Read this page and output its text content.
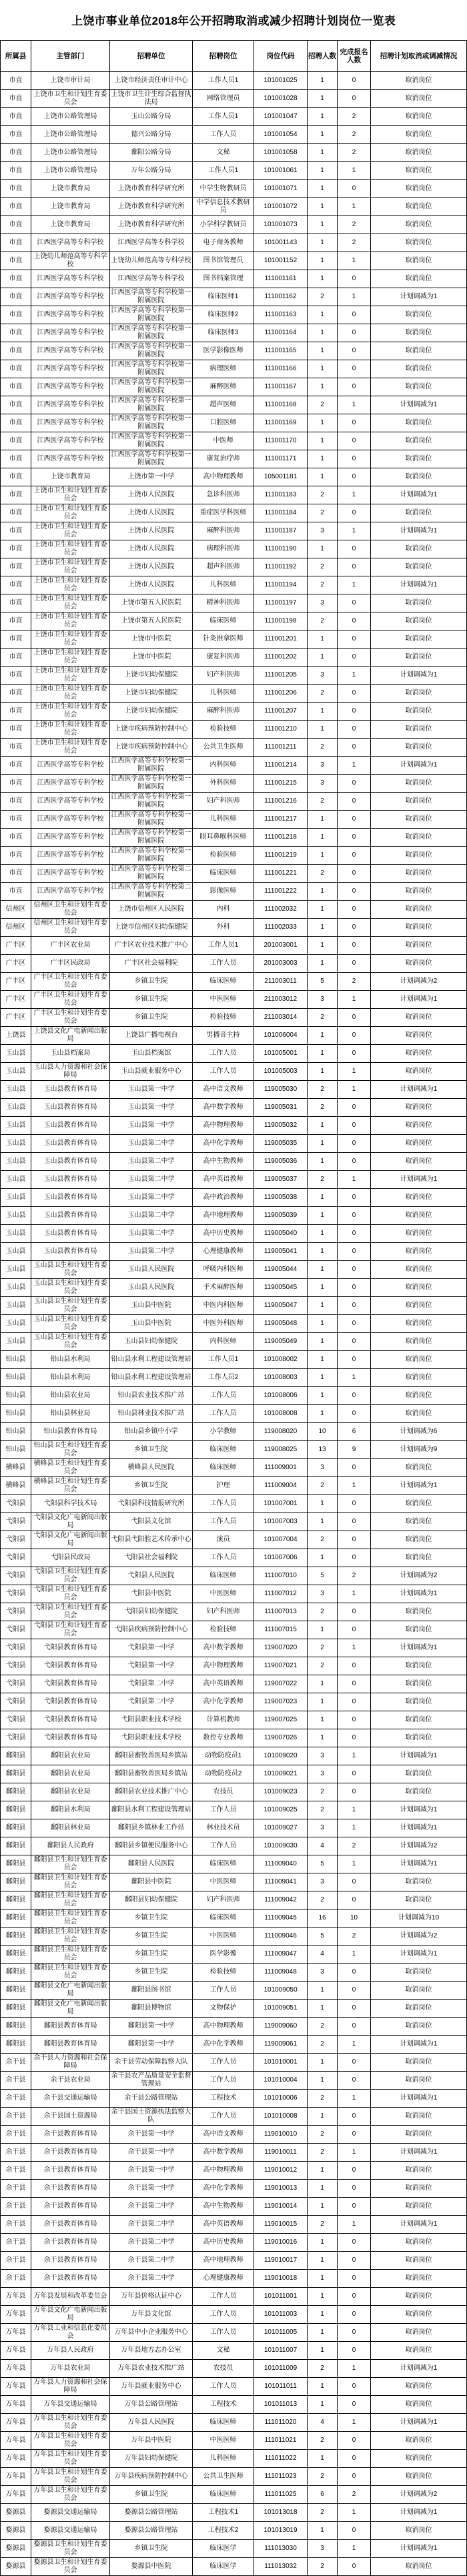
上饶市事业单位2018年公开招聘取消或减少招聘计划岗位一览表
所属县	主管部门	招聘单位	招聘岗位	岗位代码	招聘人数	完成报名人数	招聘计划取消或调减情况

市直	上饶市审计局	上饶市经济责任审计中心	工作人员1	101001025	1	0	取消岗位

市直	上饶市卫生和计划生育委员会	上饶市卫生计生综合监督执法局	网络管理员	101001028	1	0	取消岗位

市直	上饶市公路管理局	玉山公路分局	工作人员1	101001047	1	2	取消岗位

市直	上饶市公路管理局	德兴公路分局	工作人员	101001054	1	2	取消岗位

市直	上饶市公路管理局	鄱阳公路分局	文秘	101001058	1	2	取消岗位

市直	上饶市公路管理局	万年公路分局	工作人员1	101001061	1	1	取消岗位

市直	上饶市教育局	上饶市教育科学研究所	中学生物教研员	101001071	1	0	取消岗位

市直	上饶市教育局	上饶市教育科学研究所	中学信息技术教研员	101001072	1	1	取消岗位

市直	上饶市教育局	上饶市教育科学研究所	小学科学教研员	101001073	1	2	取消岗位

市直	江西医学高等专科学校	江西医学高等专科学校	电子商务教师	101001143	1	2	取消岗位

市直	上饶幼儿师范高等专科学校	上饶幼儿师范高等专科学校	图书馆管理员	101001152	1	1	取消岗位

市直	江西医学高等专科学校	江西医学高等专科学校	图书档案管理	111001161	1	0	取消岗位

市直	江西医学高等专科学校	江西医学高等专科学校第一附属医院	临床医师1	111001162	2	1	计划调减为1

市直	江西医学高等专科学校	江西医学高等专科学校第一附属医院	临床医师2	111001163	1	0	取消岗位

市直	江西医学高等专科学校	江西医学高等专科学校第一附属医院	临床医师3	111001164	1	0	取消岗位

市直	江西医学高等专科学校	江西医学高等专科学校第一附属医院	医学影像医师	111001165	1	0	取消岗位

市直	江西医学高等专科学校	江西医学高等专科学校第一附属医院	病理医师	111001166	1	0	取消岗位

市直	江西医学高等专科学校	江西医学高等专科学校第一附属医院	麻醉医师	111001167	1	0	取消岗位

市直	江西医学高等专科学校	江西医学高等专科学校第一附属医院	超声医师	111001168	2	1	计划调减为1

市直	江西医学高等专科学校	江西医学高等专科学校第一附属医院	口腔医师	111001169	1	0	取消岗位

市直	江西医学高等专科学校	江西医学高等专科学校第一附属医院	中医师	111001170	1	0	取消岗位

市直	江西医学高等专科学校	江西医学高等专科学校第一附属医院	康复治疗师	111001171	1	0	取消岗位

市直	上饶市教育局	上饶市第一中学	高中物理教师	105001181	1	0	取消岗位

市直	上饶市卫生和计划生育委员会	上饶市人民医院	急诊科医师	111001183	2	1	计划调减为1

市直	上饶市卫生和计划生育委员会	上饶市人民医院	重症医学科医师	111001184	2	0	取消岗位

市直	上饶市卫生和计划生育委员会	上饶市人民医院	麻醉科医师	111001187	3	1	计划调减为1

市直	上饶市卫生和计划生育委员会	上饶市人民医院	病理科医师	111001190	1	0	取消岗位

市直	上饶市卫生和计划生育委员会	上饶市人民医院	超声科医师	111001192	2	0	取消岗位

市直	上饶市卫生和计划生育委员会	上饶市人民医院	儿科医师	111001194	2	1	计划调减为1

市直	上饶市卫生和计划生育委员会	上饶市第五人民医院	精神科医师	111001197	3	0	取消岗位

市直	上饶市卫生和计划生育委员会	上饶市第五人民医院	临床医师	111001198	2	0	取消岗位

市直	上饶市卫生和计划生育委员会	上饶市中医院	针灸推拿医师	111001201	1	0	取消岗位

市直	上饶市卫生和计划生育委员会	上饶市中医院	康复科医师	111001202	1	0	取消岗位

市直	上饶市卫生和计划生育委员会	上饶市妇幼保健院	妇产科医师	111001205	3	1	计划调减为1

市直	上饶市卫生和计划生育委员会	上饶市妇幼保健院	儿科医师	111001206	2	0	取消岗位

市直	上饶市卫生和计划生育委员会	上饶市妇幼保健院	麻醉科医师	111001207	1	0	取消岗位

市直	上饶市卫生和计划生育委员会	上饶市疾病预防控制中心	检验技师	111001210	1	0	取消岗位

市直	上饶市卫生和计划生育委员会	上饶市疾病预防控制中心	公共卫生医师	111001211	2	0	取消岗位

市直	江西医学高等专科学校	江西医学高等专科学校第一附属医院	内科医师	111001214	3	1	计划调减为1

市直	江西医学高等专科学校	江西医学高等专科学校第一附属医院	外科医师	111001215	3	0	取消岗位

市直	江西医学高等专科学校	江西医学高等专科学校第一附属医院	妇产科医师	111001216	2	0	取消岗位

市直	江西医学高等专科学校	江西医学高等专科学校第一附属医院	儿科医师	111001217	1	0	取消岗位

市直	江西医学高等专科学校	江西医学高等专科学校第一附属医院	眼耳鼻喉科医师	111001218	1	0	取消岗位

市直	江西医学高等专科学校	江西医学高等专科学校第一附属医院	检验医师	111001219	1	0	取消岗位

市直	江西医学高等专科学校	江西医学高等专科学校第二附属医院	临床医师	111001221	2	0	取消岗位

市直	江西医学高等专科学校	江西医学高等专科学校第二附属医院	影像医师	111001222	1	0	取消岗位

信州区	信州区卫生和计划生育委员会	上饶市信州区人民医院	内科	111002032	1	0	取消岗位

信州区	信州区卫生和计划生育委员会	上饶市信州区妇幼保健院	外科	111002033	1	0	取消岗位

广丰区	广丰区农业局	广丰区农业技术推广中心	工作人员1	201003001	1	0	取消岗位

广丰区	广丰区民政局	广丰区社会福利院	工作人员	201003003	1	0	取消岗位

广丰区	广丰区卫生和计划生育委员会	乡镇卫生院	临床医师	211003011	5	2	计划调减为2

广丰区	广丰区卫生和计划生育委员会	乡镇卫生院	中医医师	211003012	3	1	计划调减为1

广丰区	广丰区卫生和计划生育委员会	乡镇卫生院	检验技师	211003014	2	0	取消岗位

上饶县	上饶县文化广电新闻出版局	上饶县广播电视台	男播音主持	101006004	1	0	取消岗位

玉山县	玉山县档案局	玉山县档案馆	工作人员	101005001	1	0	取消岗位

玉山县	玉山县人力资源和社会保障局	玉山县就业服务中心	工作人员	101005003	1	1	取消岗位

玉山县	玉山县教育体育局	玉山县第一中学	高中语文教师	119005030	2	1	计划调减为1

玉山县	玉山县教育体育局	玉山县第一中学	高中数学教师	119005031	2	0	取消岗位

玉山县	玉山县教育体育局	玉山县第一中学	高中物理教师	119005032	1	0	取消岗位

玉山县	玉山县教育体育局	玉山县第二中学	高中化学教师	119005035	1	0	取消岗位

玉山县	玉山县教育体育局	玉山县第二中学	高中生物教师	119005036	1	0	取消岗位

玉山县	玉山县教育体育局	玉山县第二中学	高中英语教师	119005037	2	1	计划调减为1

玉山县	玉山县教育体育局	玉山县第二中学	高中政治教师	119005038	1	0	取消岗位

玉山县	玉山县教育体育局	玉山县第二中学	高中地理教师	119005039	1	0	取消岗位

玉山县	玉山县教育体育局	玉山县第二中学	高中历史教师	119005040	1	0	取消岗位

玉山县	玉山县教育体育局	玉山县第二中学	心理健康教师	119005041	1	0	取消岗位

玉山县	玉山县卫生和计划生育委员会	玉山县人民医院	呼吸内科医师	119005044	1	0	取消岗位

玉山县	玉山县卫生和计划生育委员会	玉山县人民医院	手术麻醉医师	119005045	1	0	取消岗位

玉山县	玉山县卫生和计划生育委员会	玉山县中医院	中医内科医师	119005047	1	0	取消岗位

玉山县	玉山县卫生和计划生育委员会	玉山县中医院	中医外科医师	119005048	1	0	取消岗位

玉山县	玉山县卫生和计划生育委员会	玉山县妇幼保健院	内科医师	119005049	1	0	取消岗位

铅山县	铅山县水利局	铅山县水利工程建设管理站	工作人员1	101008002	1	0	取消岗位

铅山县	铅山县水利局	铅山县水利工程建设管理站	工作人员2	101008003	1	1	取消岗位

铅山县	铅山县农业局	铅山县农业技术推广站	工作人员	101008006	1	0	取消岗位

铅山县	铅山县林业局	铅山县林业技术推广站	工作人员	101008008	1	0	取消岗位

铅山县	铅山县教育体育局	铅山县乡镇中小学	小学教师	119008020	10	6	计划调减为6

铅山县	铅山县卫生和计划生育委员会	乡镇卫生院	临床医师	119008025	13	9	计划调减为9

横峰县	横峰县卫生和计划生育委员会	横峰县人民医院	临床医师	111009001	3	0	取消岗位

横峰县	横峰县卫生和计划生育委员会	乡镇卫生院	护理	111009004	2	1	计划调减为1

弋阳县	弋阳县科学技术局	弋阳县科技情报研究所	工作人员	101007001	1	0	取消岗位

弋阳县	弋阳县文化广电新闻出版局	弋阳县文化馆	工作人员	101007003	1	0	取消岗位

弋阳县	弋阳县文化广电新闻出版局	弋阳县弋阳腔艺术传承中心	演员	101007004	2	0	取消岗位

弋阳县	弋阳县民政局	弋阳县社会福利院	工作人员	101007006	1	0	取消岗位

弋阳县	弋阳县卫生和计划生育委员会	弋阳县人民医院	临床医师	111007010	5	2	计划调减为2

弋阳县	弋阳县卫生和计划生育委员会	弋阳县中医院	中医医师	111007012	3	1	计划调减为1

弋阳县	弋阳县卫生和计划生育委员会	弋阳县妇幼保健院	妇产科医师	111007013	2	0	取消岗位

弋阳县	弋阳县卫生和计划生育委员会	弋阳县疾病预防控制中心	检验技师	111007015	1	0	取消岗位

弋阳县	弋阳县教育体育局	弋阳县第一中学	高中数学教师	119007020	2	1	计划调减为1

弋阳县	弋阳县教育体育局	弋阳县第一中学	高中物理教师	119007021	2	0	取消岗位

弋阳县	弋阳县教育体育局	弋阳县第二中学	高中英语教师	119007022	1	0	取消岗位

弋阳县	弋阳县教育体育局	弋阳县第二中学	高中化学教师	119007023	1	0	取消岗位

弋阳县	弋阳县教育体育局	弋阳县职业技术学校	计算机教师	119007025	1	0	取消岗位

弋阳县	弋阳县教育体育局	弋阳县职业技术学校	数控专业教师	119007026	1	0	取消岗位

鄱阳县	鄱阳县农业局	鄱阳县畜牧兽医局乡镇站	动物防疫员1	101009020	3	1	计划调减为1

鄱阳县	鄱阳县农业局	鄱阳县畜牧兽医局乡镇站	动物防疫员2	101009021	3	0	取消岗位

鄱阳县	鄱阳县农业局	鄱阳县农业技术推广中心	农技员	101009023	2	0	取消岗位

鄱阳县	鄱阳县水利局	鄱阳县水利工程建设管理站	工作人员	101009025	2	1	计划调减为1

鄱阳县	鄱阳县林业局	鄱阳县乡镇林业工作站	林业技术员	101009027	3	1	计划调减为1

鄱阳县	鄱阳县人民政府	鄱阳县乡镇便民服务中心	工作人员	101009030	4	2	计划调减为2

鄱阳县	鄱阳县卫生和计划生育委员会	鄱阳县人民医院	临床医师	111009040	5	1	计划调减为1

鄱阳县	鄱阳县卫生和计划生育委员会	鄱阳县中医院	中医医师	111009041	3	0	取消岗位

鄱阳县	鄱阳县卫生和计划生育委员会	鄱阳县妇幼保健院	妇产科医师	111009042	2	0	取消岗位

鄱阳县	鄱阳县卫生和计划生育委员会	乡镇卫生院	临床医师	111009045	16	10	计划调减为10

鄱阳县	鄱阳县卫生和计划生育委员会	乡镇卫生院	中医医师	111009046	5	2	计划调减为2

鄱阳县	鄱阳县卫生和计划生育委员会	乡镇卫生院	医学影像	111009047	4	1	计划调减为1

鄱阳县	鄱阳县卫生和计划生育委员会	乡镇卫生院	检验技师	111009048	3	0	取消岗位

鄱阳县	鄱阳县文化广电新闻出版局	鄱阳县图书馆	工作人员	101009050	1	0	取消岗位

鄱阳县	鄱阳县文化广电新闻出版局	鄱阳县博物馆	文物保护	101009051	1	0	取消岗位

鄱阳县	鄱阳县教育体育局	鄱阳县第一中学	高中物理教师	119009060	2	0	取消岗位

鄱阳县	鄱阳县教育体育局	鄱阳县第一中学	高中化学教师	119009061	2	1	计划调减为1

余干县	余干县人力资源和社会保障局	余干县劳动保障监察大队	工作人员	101010001	1	0	取消岗位

余干县	余干县农业局	余干县农产品质量安全监督管理站	工作人员	101010004	1	0	取消岗位

余干县	余干县交通运输局	余干县公路管理站	工程技术	101010006	2	1	计划调减为1

余干县	余干县国土资源局	余干县国土资源执法监察大队	工作人员	101010008	1	0	取消岗位

余干县	余干县教育体育局	余干县第一中学	高中语文教师	119010010	2	0	取消岗位

余干县	余干县教育体育局	余干县第一中学	高中数学教师	119010011	2	1	计划调减为1

余干县	余干县教育体育局	余干县第一中学	高中物理教师	119010012	1	0	取消岗位

余干县	余干县教育体育局	余干县第一中学	高中化学教师	119010013	1	0	取消岗位

余干县	余干县教育体育局	余干县第二中学	高中生物教师	119010014	1	0	取消岗位

余干县	余干县教育体育局	余干县第二中学	高中英语教师	119010015	2	1	计划调减为1

余干县	余干县教育体育局	余干县第二中学	高中历史教师	119010016	1	0	取消岗位

余干县	余干县教育体育局	余干县第二中学	高中地理教师	119010017	1	0	取消岗位

余干县	余干县教育体育局	余干县第二中学	心理健康教师	119010018	1	0	取消岗位

万年县	万年县发展和改革委员会	万年县价格认证中心	工作人员	101011001	1	0	取消岗位

万年县	万年县文化广电新闻出版局	万年县文化馆	工作人员	101011003	1	0	取消岗位

万年县	万年县工业和信息化委员会	万年县中小企业服务中心	工作人员	101011005	1	0	取消岗位

万年县	万年县人民政府	万年县地方志办公室	文秘	101011007	1	0	取消岗位

万年县	万年县农业局	万年县农业技术推广站	农技员	101011009	2	1	计划调减为1

万年县	万年县人力资源和社会保障局	万年县就业服务中心	工作人员	101011011	1	0	取消岗位

万年县	万年县交通运输局	万年县公路管理站	工程技术	101011013	1	0	取消岗位

万年县	万年县卫生和计划生育委员会	万年县人民医院	临床医师	111011020	4	1	计划调减为1

万年县	万年县卫生和计划生育委员会	万年县中医院	中医医师	111011021	2	0	取消岗位

万年县	万年县卫生和计划生育委员会	万年县妇幼保健院	儿科医师	111011022	1	0	取消岗位

万年县	万年县卫生和计划生育委员会	万年县疾病预防控制中心	公共卫生医师	111011023	2	0	取消岗位

万年县	万年县卫生和计划生育委员会	乡镇卫生院	临床医师	111011025	6	2	计划调减为2

婺源县	婺源县交通运输局	婺源县公路管理站	工程技术1	101013018	2	1	计划调减为1

婺源县	婺源县交通运输局	婺源县公路管理站	工程技术2	101013019	1	0	取消岗位

婺源县	婺源县卫生和计划生育委员会	乡镇卫生院	临床医学	111013030	3	1	计划调减为1

婺源县	婺源县卫生和计划生育委员会	婺源县中医院	临床医学	111013032	2	0	取消岗位
